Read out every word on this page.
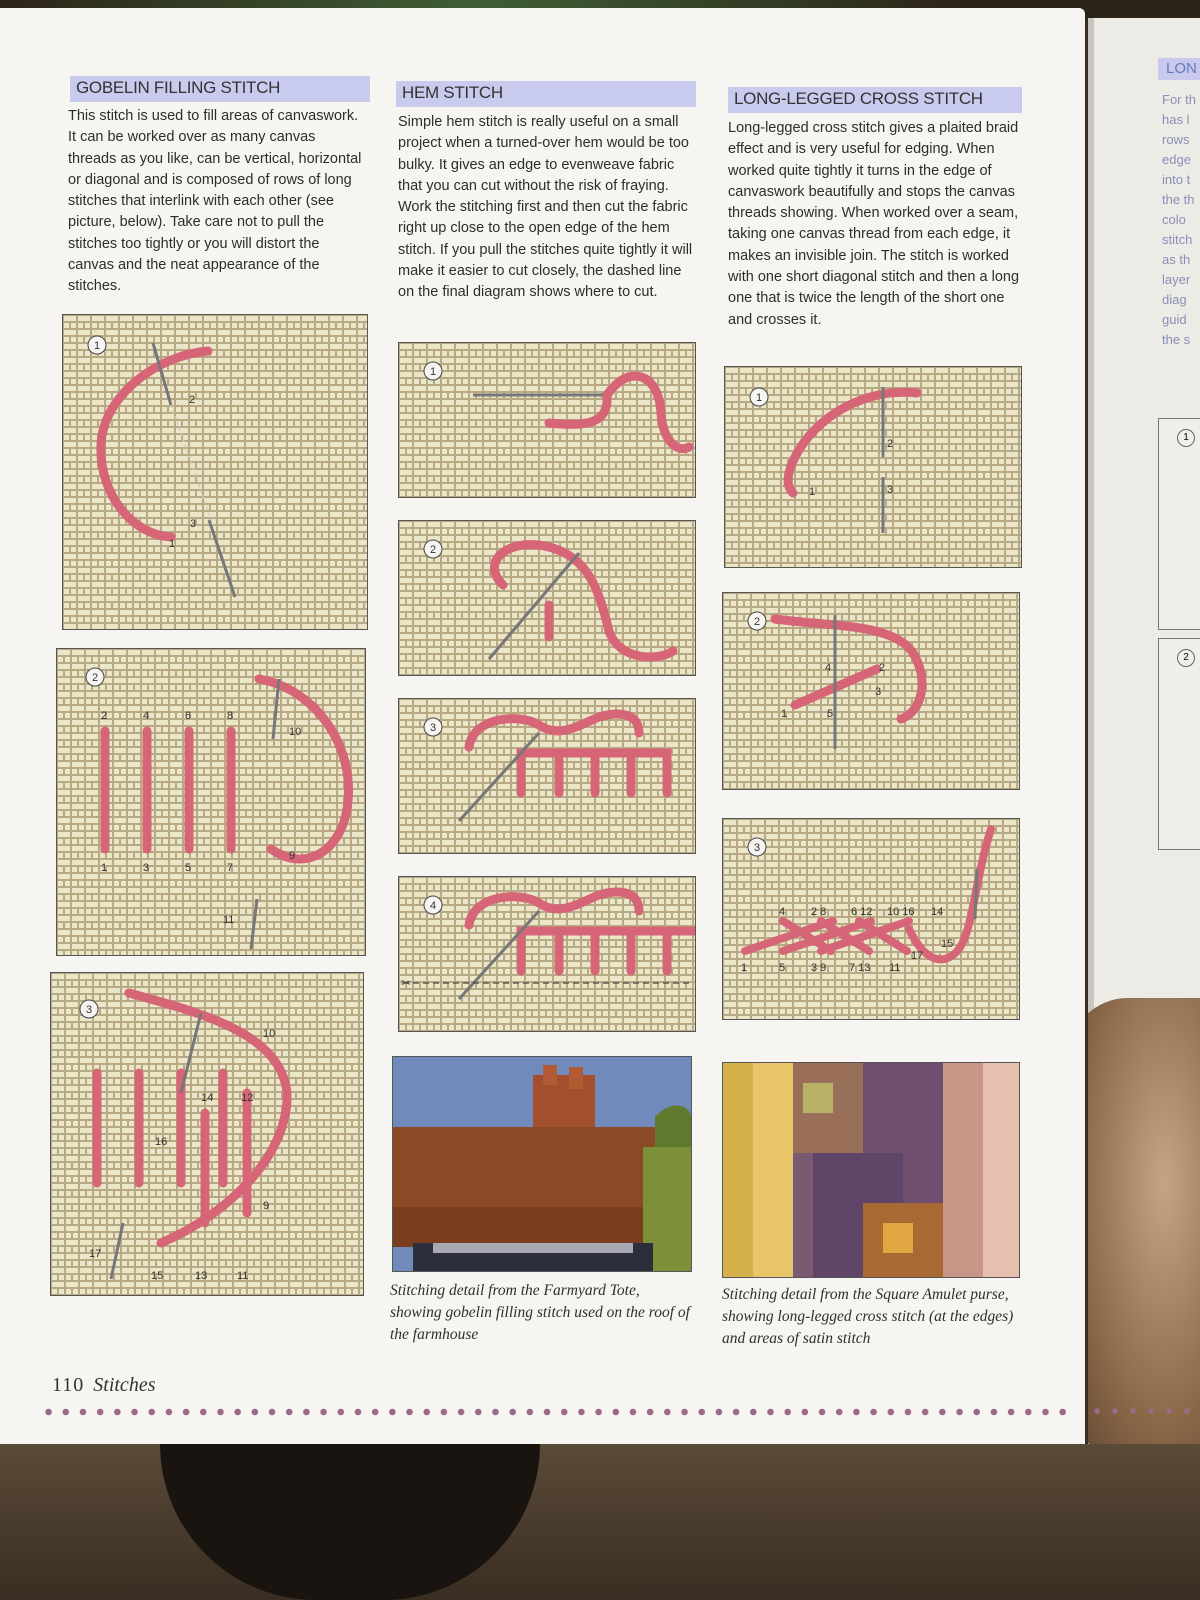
GOBELIN FILLING STITCH

This stitch is used to fill areas of canvaswork. It can be worked over as many canvas threads as you like, can be vertical, horizontal or diagonal and is composed of rows of long stitches that interlink with each other (see picture, below). Take care not to pull the stitches too tightly or you will distort the canvas and the neat appearance of the stitches.

1
2
3
1
2
2	4	6	8
10
1	3	5	7
9
11
3
10
14	12
16
9
17
15	13	11
HEM STITCH

Simple hem stitch is really useful on a small project when a turned-over hem would be too bulky. It gives an edge to evenweave fabric that you can cut without the risk of fraying. Work the stitching first and then cut the fabric right up close to the open edge of the hem stitch. If you pull the stitches quite tightly it will make it easier to cut closely, the dashed line on the final diagram shows where to cut.

1
2
3
4
✂
Stitching detail from the Farmyard Tote, showing gobelin filling stitch used on the roof of the farmhouse
LONG-LEGGED CROSS STITCH

Long-legged cross stitch gives a plaited braid effect and is very useful for edging. When worked quite tightly it turns in the edge of canvaswork beautifully and stops the canvas threads showing. When worked over a seam, taking one canvas thread from each edge, it makes an invisible join. The stitch is worked with one short diagonal stitch and then a long one that is twice the length of the short one and crosses it.

1
2
3
1
2
4	2
3
1	5
3
4 2 8 6 12 10 16 14
1	5 3 9 7 13 11
17
15
Stitching detail from the Square Amulet purse, showing long-legged cross stitch (at the edges) and areas of satin stitch
110 Stitches
LON
For th
has l
rows
edge
into t
the th
colo
stitch
as th
layer
diag
guid
the s
1
2
